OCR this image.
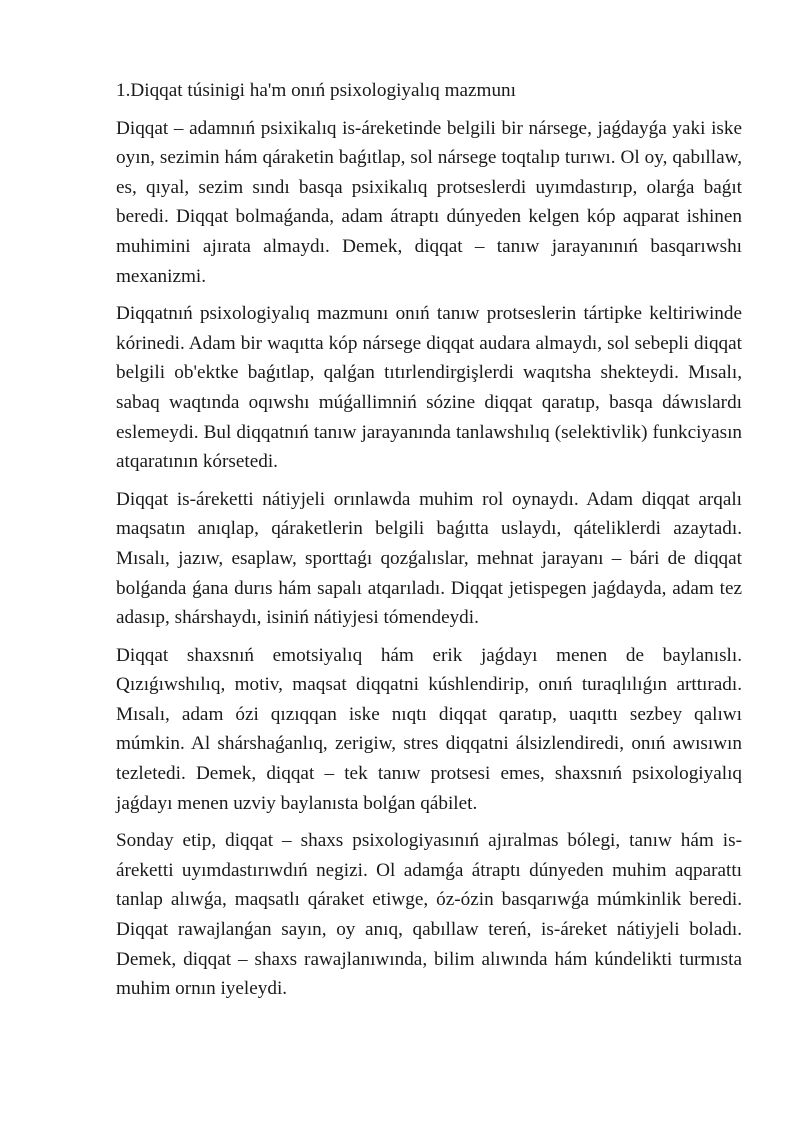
1.Diqqat túsinigi ha'm onıń psixologiyalıq mazmunı

Diqqat – adamnıń psixikalıq is-áreketinde belgili bir nársege, jaǵdayǵa yaki iske oyın, sezimin hám qáraketin baǵıtlap, sol nársege toqtalıp turıwı. Ol oy, qabıllaw, es, qıyal, sezim sındı basqa psixikalıq protseslerdi uyımdastırıp, olarǵa baǵıt beredi. Diqqat bolmaǵanda, adam átraptı dúnyeden kelgen kóp aqparat ishinen muhimini ajırata almaydı. Demek, diqqat – tanıw jarayanınıń basqarıwshı mexanizmi.

Diqqatnıń psixologiyalıq mazmunı onıń tanıw protseslerin tártipke keltiriwinde kórinedi. Adam bir waqıtta kóp nársege diqqat audara almaydı, sol sebepli diqqat belgili ob'ektke baǵıtlap, qalǵan tıtırlendirgişlerdi waqıtsha shekteydi. Mısalı, sabaq waqtında oqıwshı múǵallimniń sózine diqqat qaratıp, basqa dáwıslardı eslemeydi. Bul diqqatnıń tanıw jarayanında tanlawshılıq (selektivlik) funkciyasın atqaratının kórsetedi.

Diqqat is-áreketti nátiyjeli orınlawda muhim rol oynaydı. Adam diqqat arqalı maqsatın anıqlap, qáraketlerin belgili baǵıtta uslaydı, qáteliklerdi azaytadı. Mısalı, jazıw, esaplaw, sporttaǵı qozǵalıslar, mehnat jarayanı – bári de diqqat bolǵanda ǵana durıs hám sapalı atqarıladı. Diqqat jetispegen jaǵdayda, adam tez adasıp, shárshaydı, isiniń nátiyjesi tómendeydi.

Diqqat shaxsnıń emotsiyalıq hám erik jaǵdayı menen de baylanıslı. Qızıǵıwshılıq, motiv, maqsat diqqatni kúshlendirip, onıń turaqlılıǵın arttıradı. Mısalı, adam ózi qızıqqan iske nıqtı diqqat qaratıp, uaqıttı sezbey qalıwı múmkin. Al shárshaǵanlıq, zerigiw, stres diqqatni álsizlendiredi, onıń awısıwın tezletedi. Demek, diqqat – tek tanıw protsesi emes, shaxsnıń psixologiyalıq jaǵdayı menen uzviy baylanısta bolǵan qábilet.

Sonday etip, diqqat – shaxs psixologiyasınıń ajıralmas bólegi, tanıw hám is-áreketti uyımdastırıwdıń negizi. Ol adamǵa átraptı dúnyeden muhim aqparattı tanlap alıwǵa, maqsatlı qáraket etiwge, óz-ózin basqarıwǵa múmkinlik beredi. Diqqat rawajlanǵan sayın, oy anıq, qabıllaw tereń, is-áreket nátiyjeli boladı. Demek, diqqat – shaxs rawajlanıwında, bilim alıwında hám kúndelikti turmısta muhim ornın iyeleydi.
